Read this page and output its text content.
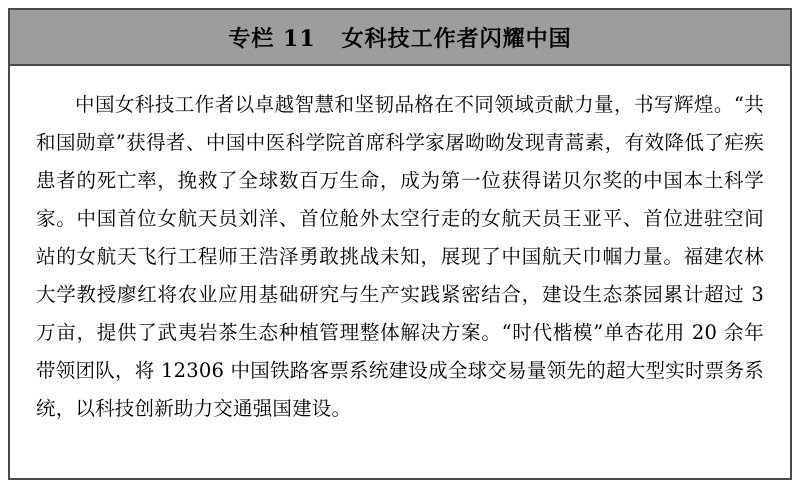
专栏 11   女科技工作者闪耀中国

中国女科技工作者以卓越智慧和坚韧品格在不同领域贡献力量，书写辉煌。“共和国勋章”获得者、中国中医科学院首席科学家屠呦呦发现青蒿素，有效降低了疟疾患者的死亡率，挽救了全球数百万生命，成为第一位获得诺贝尔奖的中国本土科学家。中国首位女航天员刘洋、首位舱外太空行走的女航天员王亚平、首位进驻空间站的女航天飞行工程师王浩泽勇敢挑战未知，展现了中国航天巾帼力量。福建农林大学教授廖红将农业应用基础研究与生产实践紧密结合，建设生态茶园累计超过 3 万亩，提供了武夷岩茶生态种植管理整体解决方案。“时代楷模”单杏花用 20 余年带领团队，将 12306 中国铁路客票系统建设成全球交易量领先的超大型实时票务系统，以科技创新助力交通强国建设。
